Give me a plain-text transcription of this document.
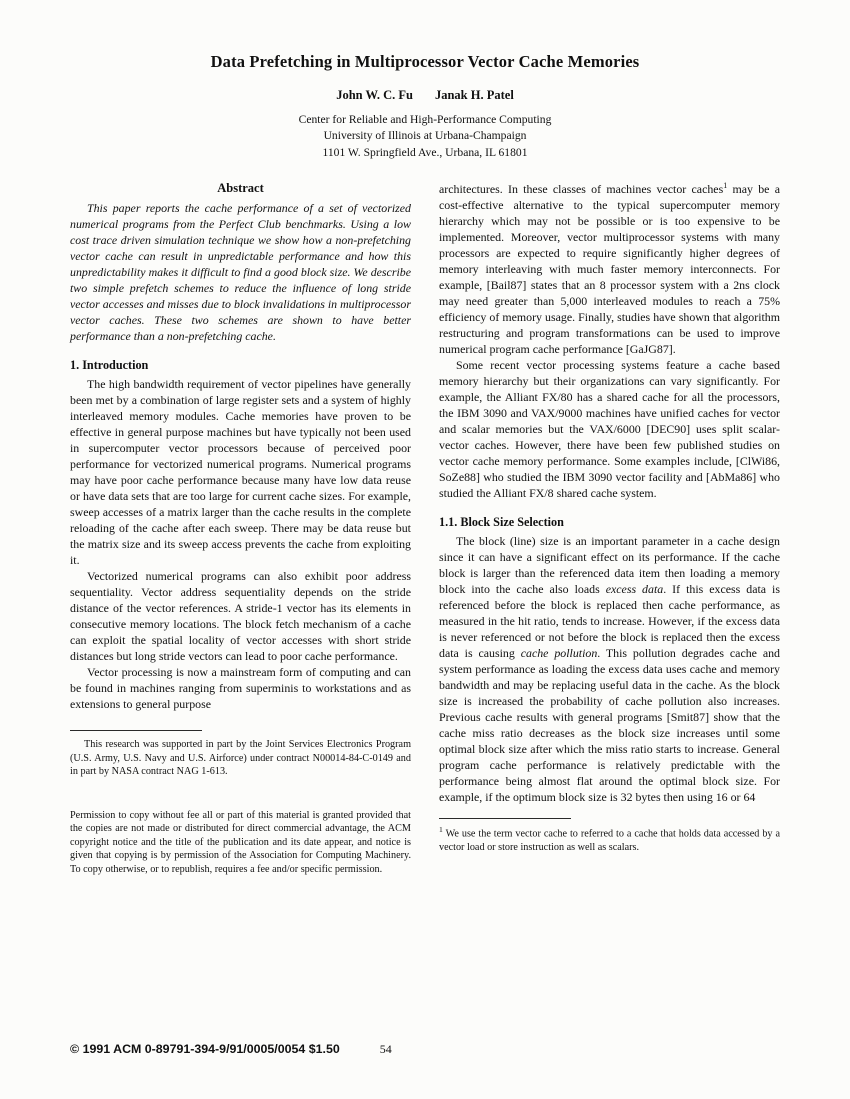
Data Prefetching in Multiprocessor Vector Cache Memories
John W. C. Fu Janak H. Patel

Center for Reliable and High-Performance Computing

University of Illinois at Urbana-Champaign

1101 W. Springfield Ave., Urbana, IL 61801

Abstract

This paper reports the cache performance of a set of vectorized numerical programs from the Perfect Club benchmarks. Using a low cost trace driven simulation technique we show how a non-prefetching vector cache can result in unpredictable performance and how this unpredictability makes it difficult to find a good block size. We describe two simple prefetch schemes to reduce the influence of long stride vector accesses and misses due to block invalidations in multiprocessor vector caches. These two schemes are shown to have better performance than a non-prefetching cache.

1. Introduction

The high bandwidth requirement of vector pipelines have generally been met by a combination of large register sets and a system of highly interleaved memory modules. Cache memories have proven to be effective in general purpose machines but have typically not been used in supercomputer vector processors because of perceived poor performance for vectorized numerical programs. Numerical programs may have poor cache performance because many have low data reuse or have data sets that are too large for current cache sizes. For example, sweep accesses of a matrix larger than the cache results in the complete reloading of the cache after each sweep. There may be data reuse but the matrix size and its sweep access prevents the cache from exploiting it.

Vectorized numerical programs can also exhibit poor address sequentiality. Vector address sequentiality depends on the stride distance of the vector references. A stride-1 vector has its elements in consecutive memory locations. The block fetch mechanism of a cache can exploit the spatial locality of vector accesses with short stride distances but long stride vectors can lead to poor cache performance.

Vector processing is now a mainstream form of computing and can be found in machines ranging from superminis to workstations and as extensions to general purpose

This research was supported in part by the Joint Services Electronics Program (U.S. Army, U.S. Navy and U.S. Airforce) under contract N00014-84-C-0149 and in part by NASA contract NAG 1-613.

Permission to copy without fee all or part of this material is granted provided that the copies are not made or distributed for direct commercial advantage, the ACM copyright notice and the title of the publication and its date appear, and notice is given that copying is by permission of the Association for Computing Machinery. To copy otherwise, or to republish, requires a fee and/or specific permission.

architectures. In these classes of machines vector caches$^1$ may be a cost-effective alternative to the typical supercomputer memory hierarchy which may not be possible or is too expensive to be implemented. Moreover, vector multiprocessor systems with many processors are expected to require significantly higher degrees of memory interleaving with much faster memory interconnects. For example, [Bail87] states that an 8 processor system with a 2ns clock may need greater than 5,000 interleaved modules to reach a 75% efficiency of memory usage. Finally, studies have shown that algorithm restructuring and program transformations can be used to improve numerical program cache performance [GaJG87].

Some recent vector processing systems feature a cache based memory hierarchy but their organizations can vary significantly. For example, the Alliant FX/80 has a shared cache for all the processors, the IBM 3090 and VAX/9000 machines have unified caches for vector and scalar memories but the VAX/6000 [DEC90] uses split scalar-vector caches. However, there have been few published studies on vector cache memory performance. Some examples include, [ClWi86, SoZe88] who studied the IBM 3090 vector facility and [AbMa86] who studied the Alliant FX/8 shared cache system.

1.1. Block Size Selection

The block (line) size is an important parameter in a cache design since it can have a significant effect on its performance. If the cache block is larger than the referenced data item then loading a memory block into the cache also loads excess data. If this excess data is referenced before the block is replaced then cache performance, as measured in the hit ratio, tends to increase. However, if the excess data is never referenced or not before the block is replaced then the excess data is causing cache pollution. This pollution degrades cache and system performance as loading the excess data uses cache and memory bandwidth and may be replacing useful data in the cache. As the block size is increased the probability of cache pollution also increases. Previous cache results with general programs [Smit87] show that the cache miss ratio decreases as the block size increases until some optimal block size after which the miss ratio starts to increase. General program cache performance is relatively predictable with the performance being almost flat around the optimal block size. For example, if the optimum block size is 32 bytes then using 16 or 64

$^1$ We use the term vector cache to referred to a cache that holds data accessed by a vector load or store instruction as well as scalars.

© 1991 ACM 0-89791-394-9/91/0005/0054 $1.50	54
